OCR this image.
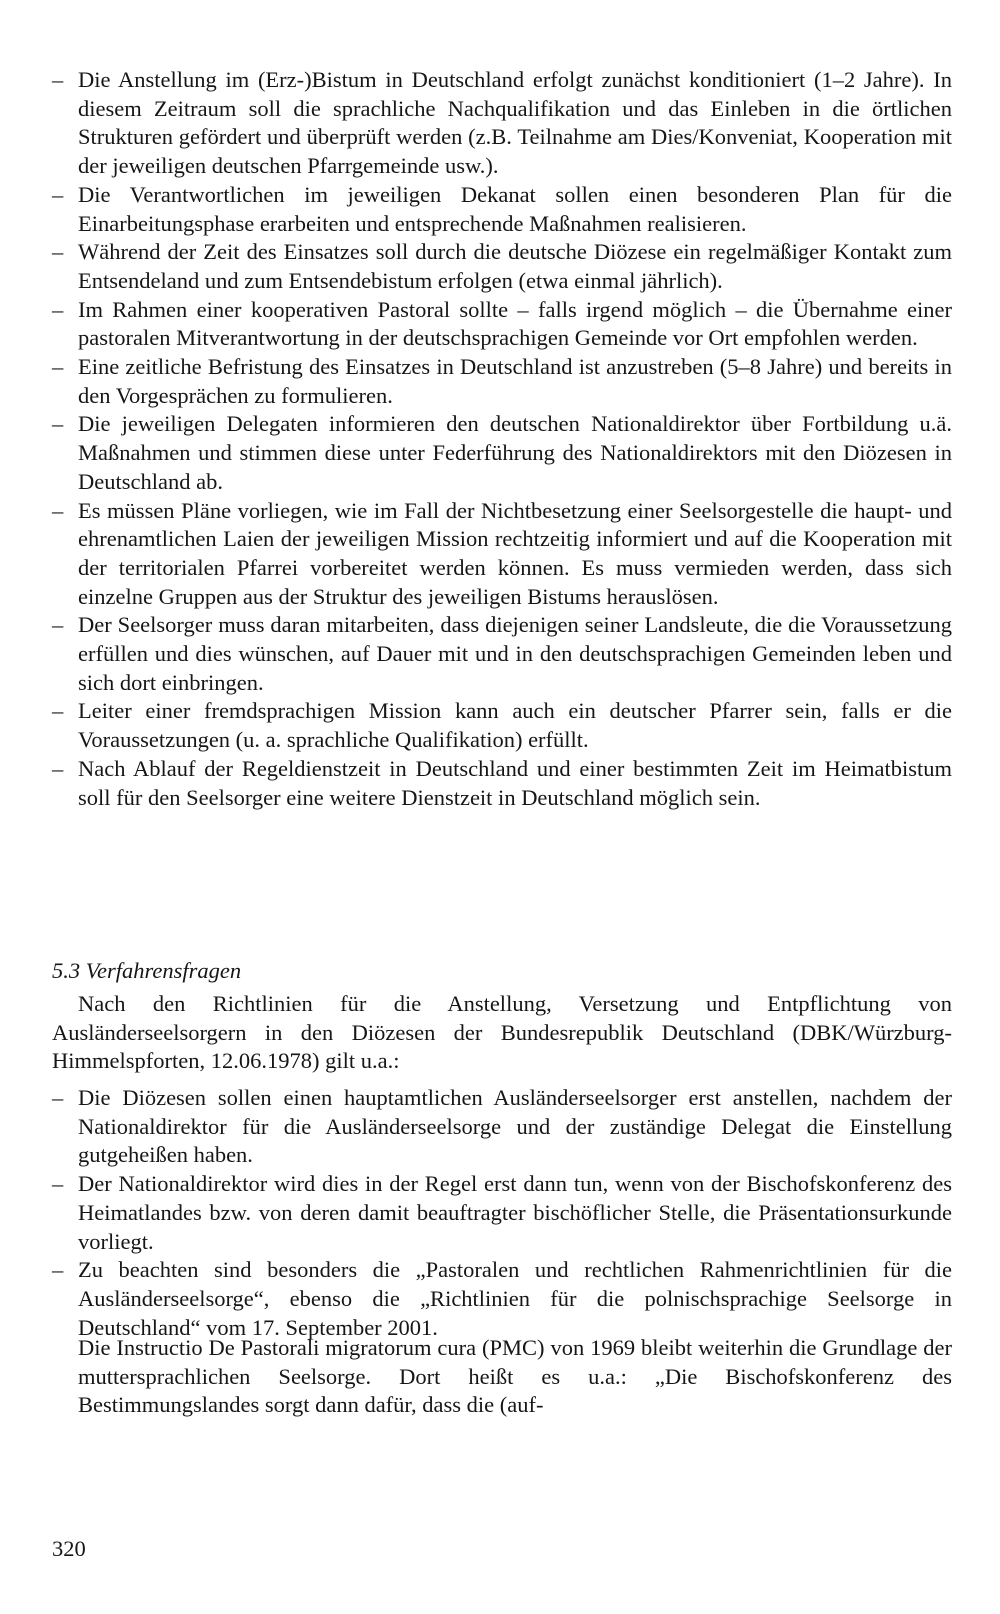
– Die Anstellung im (Erz-)Bistum in Deutschland erfolgt zunächst konditioniert (1–2 Jahre). In diesem Zeitraum soll die sprachliche Nachqualifikation und das Einleben in die örtlichen Strukturen gefördert und überprüft werden (z.B. Teilnahme am Dies/Konveniat, Kooperation mit der jeweiligen deutschen Pfarrgemeinde usw.).
– Die Verantwortlichen im jeweiligen Dekanat sollen einen besonderen Plan für die Einarbeitungsphase erarbeiten und entsprechende Maßnahmen realisieren.
– Während der Zeit des Einsatzes soll durch die deutsche Diözese ein regelmäßiger Kontakt zum Entsendeland und zum Entsendebistum erfolgen (etwa einmal jährlich).
– Im Rahmen einer kooperativen Pastoral sollte – falls irgend möglich – die Übernahme einer pastoralen Mitverantwortung in der deutschsprachigen Gemeinde vor Ort empfohlen werden.
– Eine zeitliche Befristung des Einsatzes in Deutschland ist anzustreben (5–8 Jahre) und bereits in den Vorgesprächen zu formulieren.
– Die jeweiligen Delegaten informieren den deutschen Nationaldirektor über Fortbildung u.ä. Maßnahmen und stimmen diese unter Federführung des Nationaldirektors mit den Diözesen in Deutschland ab.
– Es müssen Pläne vorliegen, wie im Fall der Nichtbesetzung einer Seelsorgestelle die haupt- und ehrenamtlichen Laien der jeweiligen Mission rechtzeitig informiert und auf die Kooperation mit der territorialen Pfarrei vorbereitet werden können. Es muss vermieden werden, dass sich einzelne Gruppen aus der Struktur des jeweiligen Bistums herauslösen.
– Der Seelsorger muss daran mitarbeiten, dass diejenigen seiner Landsleute, die die Voraussetzung erfüllen und dies wünschen, auf Dauer mit und in den deutschsprachigen Gemeinden leben und sich dort einbringen.
– Leiter einer fremdsprachigen Mission kann auch ein deutscher Pfarrer sein, falls er die Voraussetzungen (u. a. sprachliche Qualifikation) erfüllt.
– Nach Ablauf der Regeldienstzeit in Deutschland und einer bestimmten Zeit im Heimatbistum soll für den Seelsorger eine weitere Dienstzeit in Deutschland möglich sein.
5.3 Verfahrensfragen

Nach den Richtlinien für die Anstellung, Versetzung und Entpflichtung von Ausländerseelsorgern in den Diözesen der Bundesrepublik Deutschland (DBK/Würzburg-Himmelspforten, 12.06.1978) gilt u.a.:

– Die Diözesen sollen einen hauptamtlichen Ausländerseelsorger erst anstellen, nachdem der Nationaldirektor für die Ausländerseelsorge und der zuständige Delegat die Einstellung gutgeheißen haben.
– Der Nationaldirektor wird dies in der Regel erst dann tun, wenn von der Bischofskonferenz des Heimatlandes bzw. von deren damit beauftragter bischöflicher Stelle, die Präsentationsurkunde vorliegt.
– Zu beachten sind besonders die „Pastoralen und rechtlichen Rahmenrichtlinien für die Ausländerseelsorge“, ebenso die „Richtlinien für die polnischsprachige Seelsorge in Deutschland“ vom 17. September 2001.

Die Instructio De Pastorali migratorum cura (PMC) von 1969 bleibt weiterhin die Grundlage der muttersprachlichen Seelsorge. Dort heißt es u.a.: „Die Bischofskonferenz des Bestimmungslandes sorgt dann dafür, dass die (auf-

320
